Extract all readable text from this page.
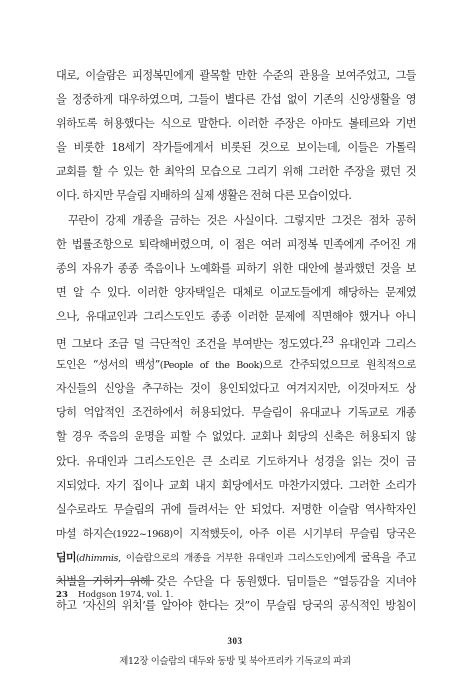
대로, 이슬람은 피정복민에게 괄목할 만한 수준의 관용을 보여주었고, 그들
을 정중하게 대우하였으며, 그들이 별다른 간섭 없이 기존의 신앙생활을 영
위하도록 허용했다는 식으로 말한다. 이러한 주장은 아마도 볼테르와 기번
을 비롯한 18세기 작가들에게서 비롯된 것으로 보이는데, 이들은 가톨릭
교회를 할 수 있는 한 최악의 모습으로 그리기 위해 그러한 주장을 폈던 것
이다. 하지만 무슬림 지배하의 실제 생활은 전혀 다른 모습이었다.
꾸란이 강제 개종을 금하는 것은 사실이다. 그렇지만 그것은 점차 공허
한 법률조항으로 퇴락해버렸으며, 이 점은 여러 피정복 민족에게 주어진 개
종의 자유가 종종 죽음이나 노예화를 피하기 위한 대안에 불과했던 것을 보
면 알 수 있다. 이러한 양자택일은 대체로 이교도들에게 해당하는 문제였
으나, 유대교인과 그리스도인도 종종 이러한 문제에 직면해야 했거나 아니
면 그보다 조금 덜 극단적인 조건을 부여받는 정도였다.$^{23}$ 유대인과 그리스
도인은 “성서의 백성”(People of the Book)으로 간주되었으므로 원칙적으로
자신들의 신앙을 추구하는 것이 용인되었다고 여겨지지만, 이것마저도 상
당히 억압적인 조건하에서 허용되었다. 무슬림이 유대교나 기독교로 개종
할 경우 죽음의 운명을 피할 수 없었다. 교회나 회당의 신축은 허용되지 않
았다. 유대인과 그리스도인은 큰 소리로 기도하거나 성경을 읽는 것이 금
지되었다. 자기 집이나 교회 내지 회당에서도 마찬가지였다. 그러한 소리가
실수로라도 무슬림의 귀에 들려서는 안 되었다. 저명한 이슬람 역사학자인
마셜 하지슨(1922~1968)이 지적했듯이, 아주 이른 시기부터 무슬림 당국은
딤미(dhimmis, 이슬람으로의 개종을 거부한 유대인과 그리스도인)에게 굴욕을 주고
처벌을 가하기 위해 갖은 수단을 다 동원했다. 딤미들은 “열등감을 지녀야
하고 ‘자신의 위치’를 알아야 한다는 것”이 무슬림 당국의 공식적인 방침이
23 Hodgson 1974, vol. 1.
303
제12장 이슬람의 대두와 동방 및 북아프리카 기독교의 파괴
